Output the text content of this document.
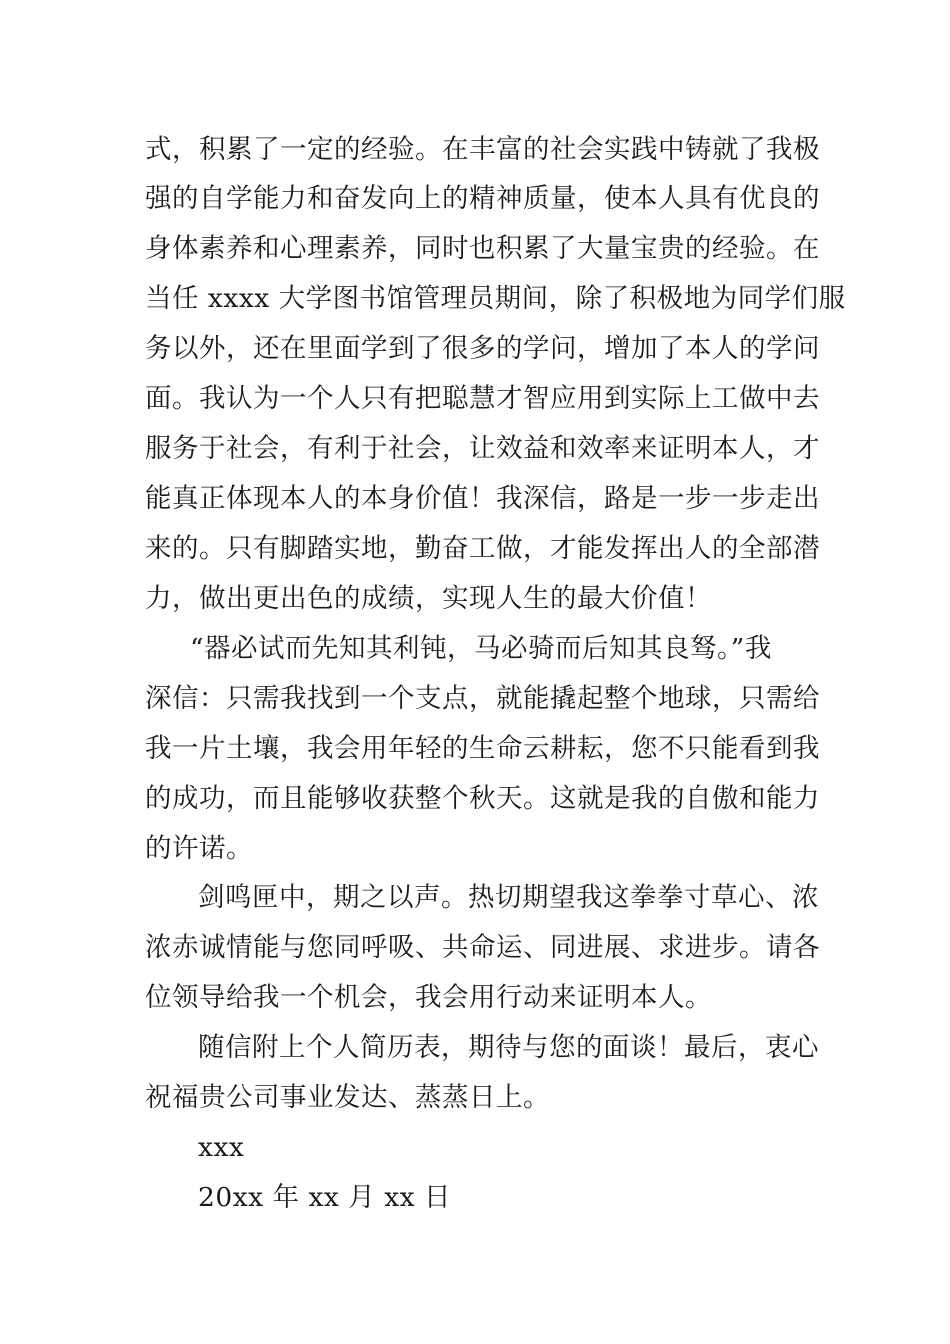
式，积累了一定的经验。在丰富的社会实践中铸就了我极
强的自学能力和奋发向上的精神质量，使本人具有优良的
身体素养和心理素养，同时也积累了大量宝贵的经验。在
当任 xxxx 大学图书馆管理员期间，除了积极地为同学们服
务以外，还在里面学到了很多的学问，增加了本人的学问
面。我认为一个人只有把聪慧才智应用到实际上工做中去
服务于社会，有利于社会，让效益和效率来证明本人，才
能真正体现本人的本身价值！我深信，路是一步一步走出
来的。只有脚踏实地，勤奋工做，才能发挥出人的全部潜
力，做出更出色的成绩，实现人生的最大价值！
“器必试而先知其利钝，马必骑而后知其良驽。”我
深信：只需我找到一个支点，就能撬起整个地球，只需给
我一片土壤，我会用年轻的生命云耕耘，您不只能看到我
的成功，而且能够收获整个秋天。这就是我的自傲和能力
的许诺。
剑鸣匣中，期之以声。热切期望我这拳拳寸草心、浓
浓赤诚情能与您同呼吸、共命运、同进展、求进步。请各
位领导给我一个机会，我会用行动来证明本人。
随信附上个人简历表，期待与您的面谈！最后，衷心
祝福贵公司事业发达、蒸蒸日上。
xxx
20xx 年 xx 月 xx 日
